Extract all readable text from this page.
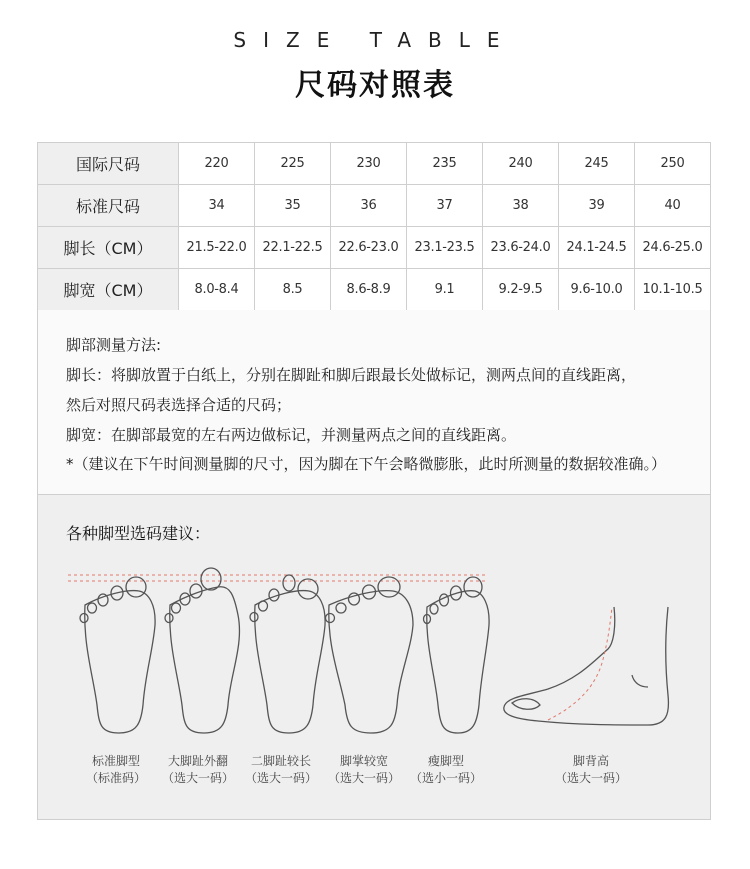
SIZE TABLE
尺码对照表
国际尺码	220	225	230	235	240	245	250
标准尺码	34	35	36	37	38	39	40
脚长（CM）	21.5-22.0	22.1-22.5	22.6-23.0	23.1-23.5	23.6-24.0	24.1-24.5	24.6-25.0
脚宽（CM）	8.0-8.4	8.5	8.6-8.9	9.1	9.2-9.5	9.6-10.0	10.1-10.5
脚部测量方法:
脚长：将脚放置于白纸上，分别在脚趾和脚后跟最长处做标记，测两点间的直线距离，
然后对照尺码表选择合适的尺码；
脚宽：在脚部最宽的左右两边做标记，并测量两点之间的直线距离。
*（建议在下午时间测量脚的尺寸，因为脚在下午会略微膨胀，此时所测量的数据较准确。）
各种脚型选码建议：
标准脚型
（标准码）
大脚趾外翻
（选大一码）
二脚趾较长
（选大一码）
脚掌较宽
（选大一码）
瘦脚型
（选小一码）
脚背高
（选大一码）
